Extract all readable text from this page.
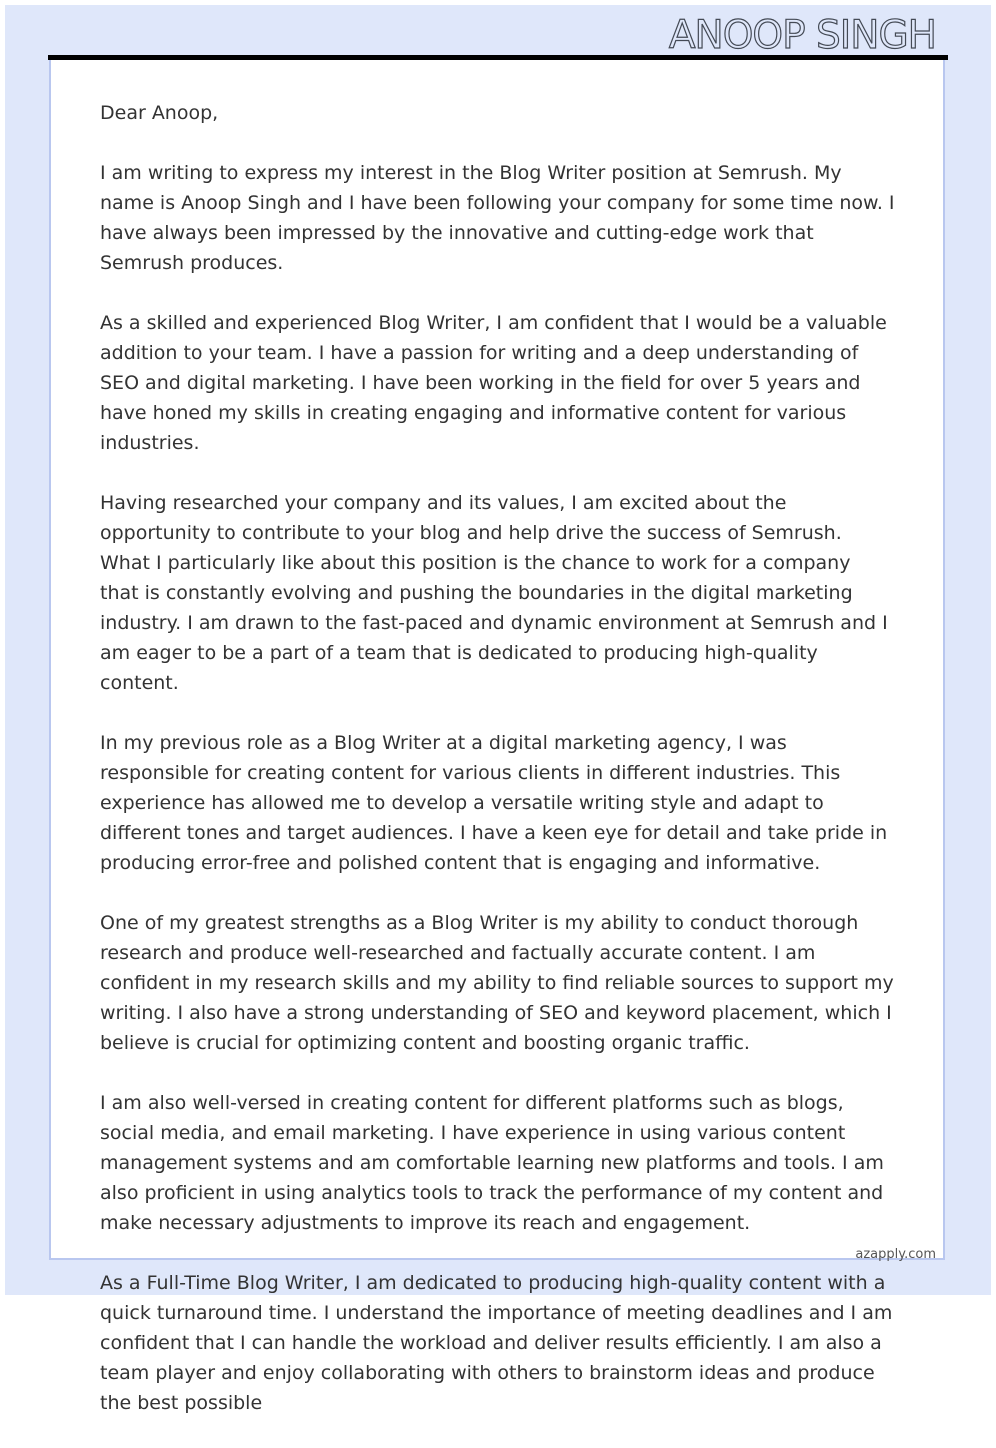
ANOOP SINGH

Dear Anoop,

I am writing to express my interest in the Blog Writer position at Semrush. My name is Anoop Singh and I have been following your company for some time now. I have always been impressed by the innovative and cutting-edge work that Semrush produces.

As a skilled and experienced Blog Writer, I am confident that I would be a valuable addition to your team. I have a passion for writing and a deep understanding of SEO and digital marketing. I have been working in the field for over 5 years and have honed my skills in creating engaging and informative content for various industries.

Having researched your company and its values, I am excited about the opportunity to contribute to your blog and help drive the success of Semrush. What I particularly like about this position is the chance to work for a company that is constantly evolving and pushing the boundaries in the digital marketing industry. I am drawn to the fast-paced and dynamic environment at Semrush and I am eager to be a part of a team that is dedicated to producing high-quality content.

In my previous role as a Blog Writer at a digital marketing agency, I was responsible for creating content for various clients in different industries. This experience has allowed me to develop a versatile writing style and adapt to different tones and target audiences. I have a keen eye for detail and take pride in producing error-free and polished content that is engaging and informative.

One of my greatest strengths as a Blog Writer is my ability to conduct thorough research and produce well-researched and factually accurate content. I am confident in my research skills and my ability to find reliable sources to support my writing. I also have a strong understanding of SEO and keyword placement, which I believe is crucial for optimizing content and boosting organic traffic.

I am also well-versed in creating content for different platforms such as blogs, social media, and email marketing. I have experience in using various content management systems and am comfortable learning new platforms and tools. I am also proficient in using analytics tools to track the performance of my content and make necessary adjustments to improve its reach and engagement.

As a Full-Time Blog Writer, I am dedicated to producing high-quality content with a quick turnaround time. I understand the importance of meeting deadlines and I am confident that I can handle the workload and deliver results efficiently. I am also a team player and enjoy collaborating with others to brainstorm ideas and produce the best possible

azapply.com
